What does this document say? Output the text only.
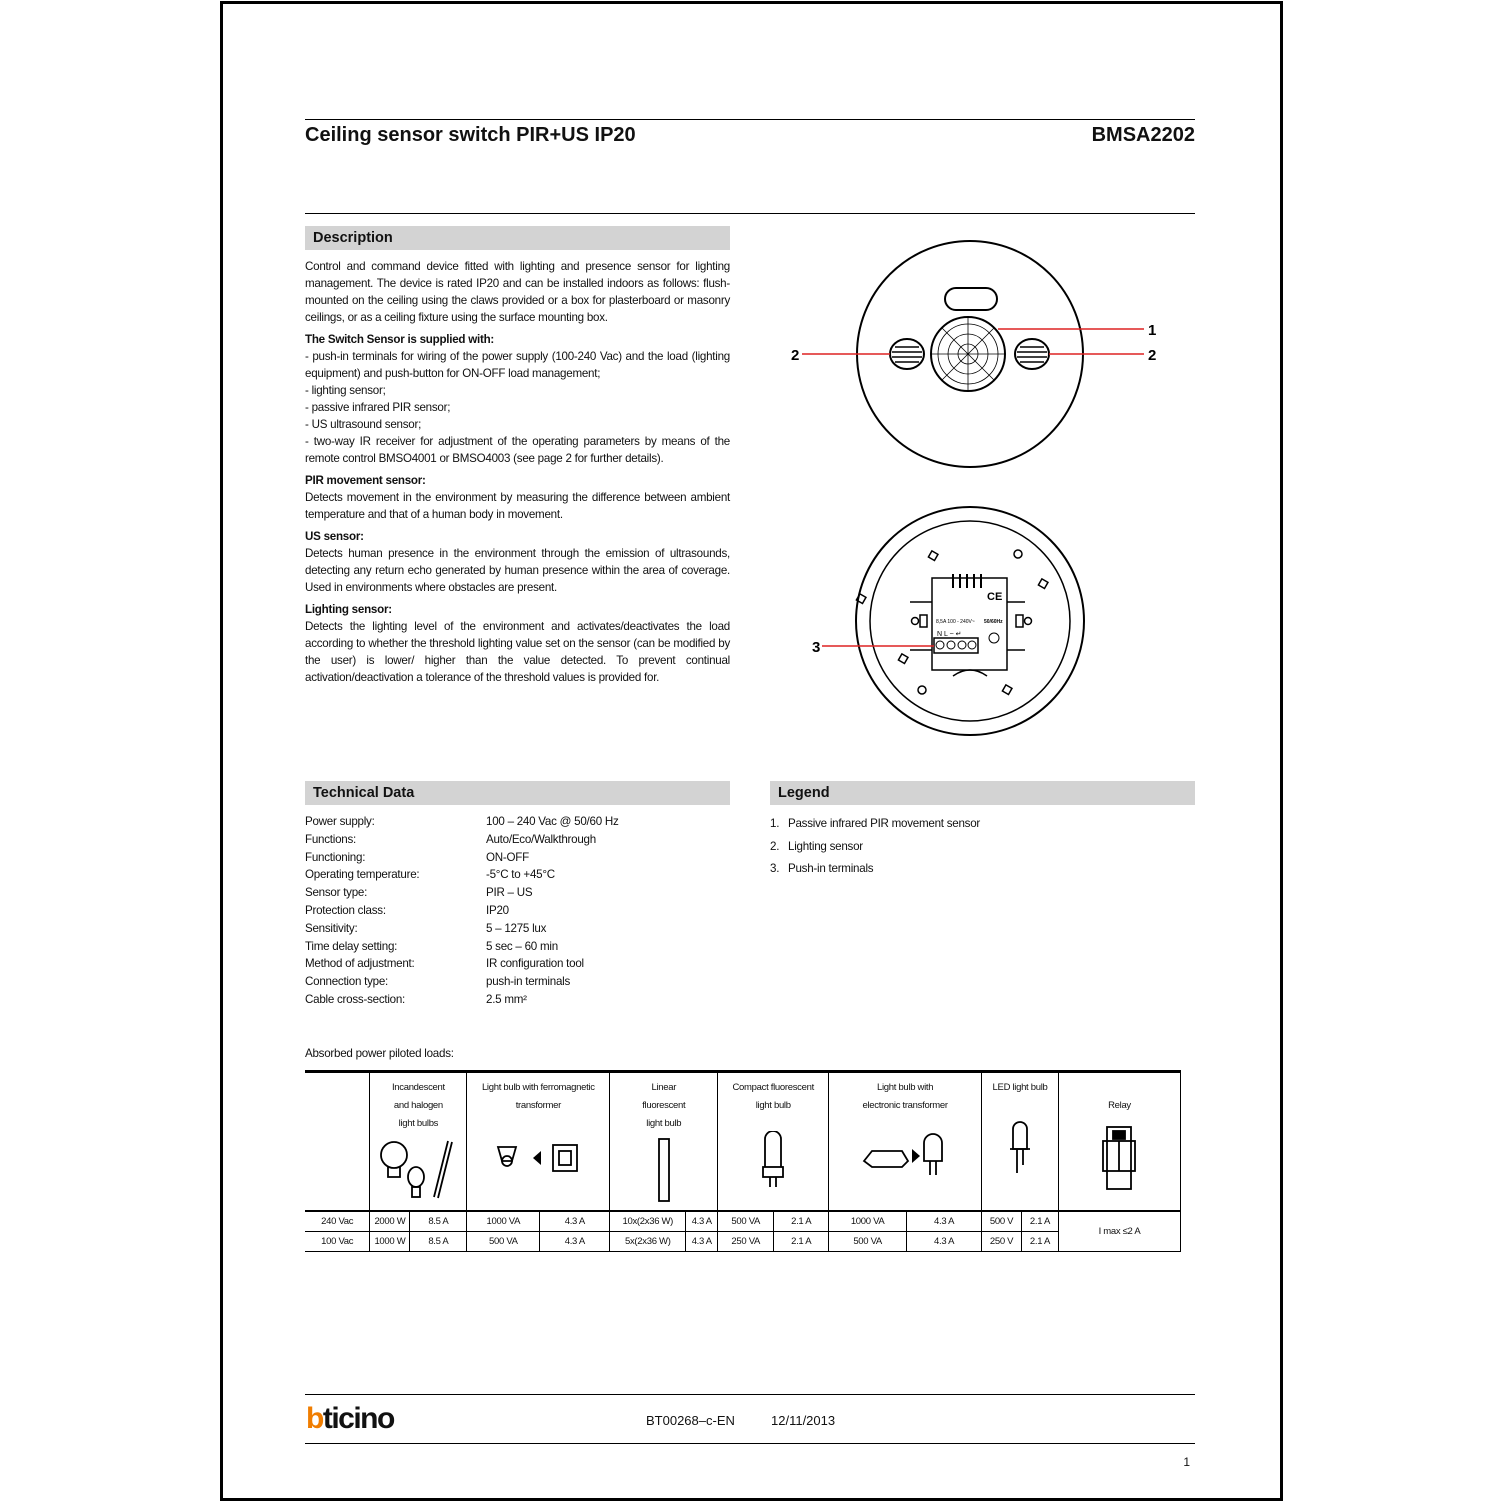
Ceiling sensor switch PIR+US IP20	BMSA2202
Description

Control and command device fitted with lighting and presence sensor for lighting management. The device is rated IP20 and can be installed indoors as follows: flush-mounted on the ceiling using the claws provided or a box for plasterboard or masonry ceilings, or as a ceiling fixture using the surface mounting box.

The Switch Sensor is supplied with:

- push-in terminals for wiring of the power supply (100-240 Vac) and the load (lighting equipment) and push-button for ON-OFF load management;

- lighting sensor;

- passive infrared PIR sensor;

- US ultrasound sensor;

- two-way IR receiver for adjustment of the operating parameters by means of the remote control BMSO4001 or BMSO4003 (see page 2 for further details).

PIR movement sensor:

Detects movement in the environment by measuring the difference between ambient temperature and that of a human body in movement.

US sensor:

Detects human presence in the environment through the emission of ultrasounds, detecting any return echo generated by human presence within the area of coverage. Used in environments where obstacles are present.

Lighting sensor:

Detects the lighting level of the environment and activates/deactivates the load according to whether the threshold lighting value set on the sensor (can be modified by the user) is lower/ higher than the value detected. To prevent continual activation/deactivation a tolerance of the threshold values is provided for.

1
2	2
CE
8,5A 100 - 240V~ 50/60Hz
N L ~ ↵
3
Technical Data
Power supply:	100 – 240 Vac @ 50/60 Hz
Functions:	Auto/Eco/Walkthrough
Functioning:	ON-OFF
Operating temperature:	-5°C to +45°C
Sensor type:	PIR – US
Protection class:	IP20
Sensitivity:	5 – 1275 lux
Time delay setting:	5 sec – 60 min
Method of adjustment:	IR configuration tool
Connection type:	push-in terminals
Cable cross-section:	2.5 mm²
Legend
1. Passive infrared PIR movement sensor
2. Lighting sensor
3. Push-in terminals
Absorbed power piloted loads:

	Incandescent and halogen light bulbs		Light bulb with ferromagnetic transformer		Linear fluorescent light bulb		Compact fluorescent light bulb		Light bulb with electronic transformer		LED light bulb		Relay

240 Vac	2000 W	8.5 A	1000 VA	4.3 A	10x(2x36 W)	4.3 A	500 VA	2.1 A	1000 VA	4.3 A	500 V	2.1 A	I max ≤2 A
100 Vac	1000 W	8.5 A	500 VA	4.3 A	5x(2x36 W)	4.3 A	250 VA	2.1 A	500 VA	4.3 A	250 V	2.1 A	
bticino	BT00268–c-EN	12/11/2013
1
